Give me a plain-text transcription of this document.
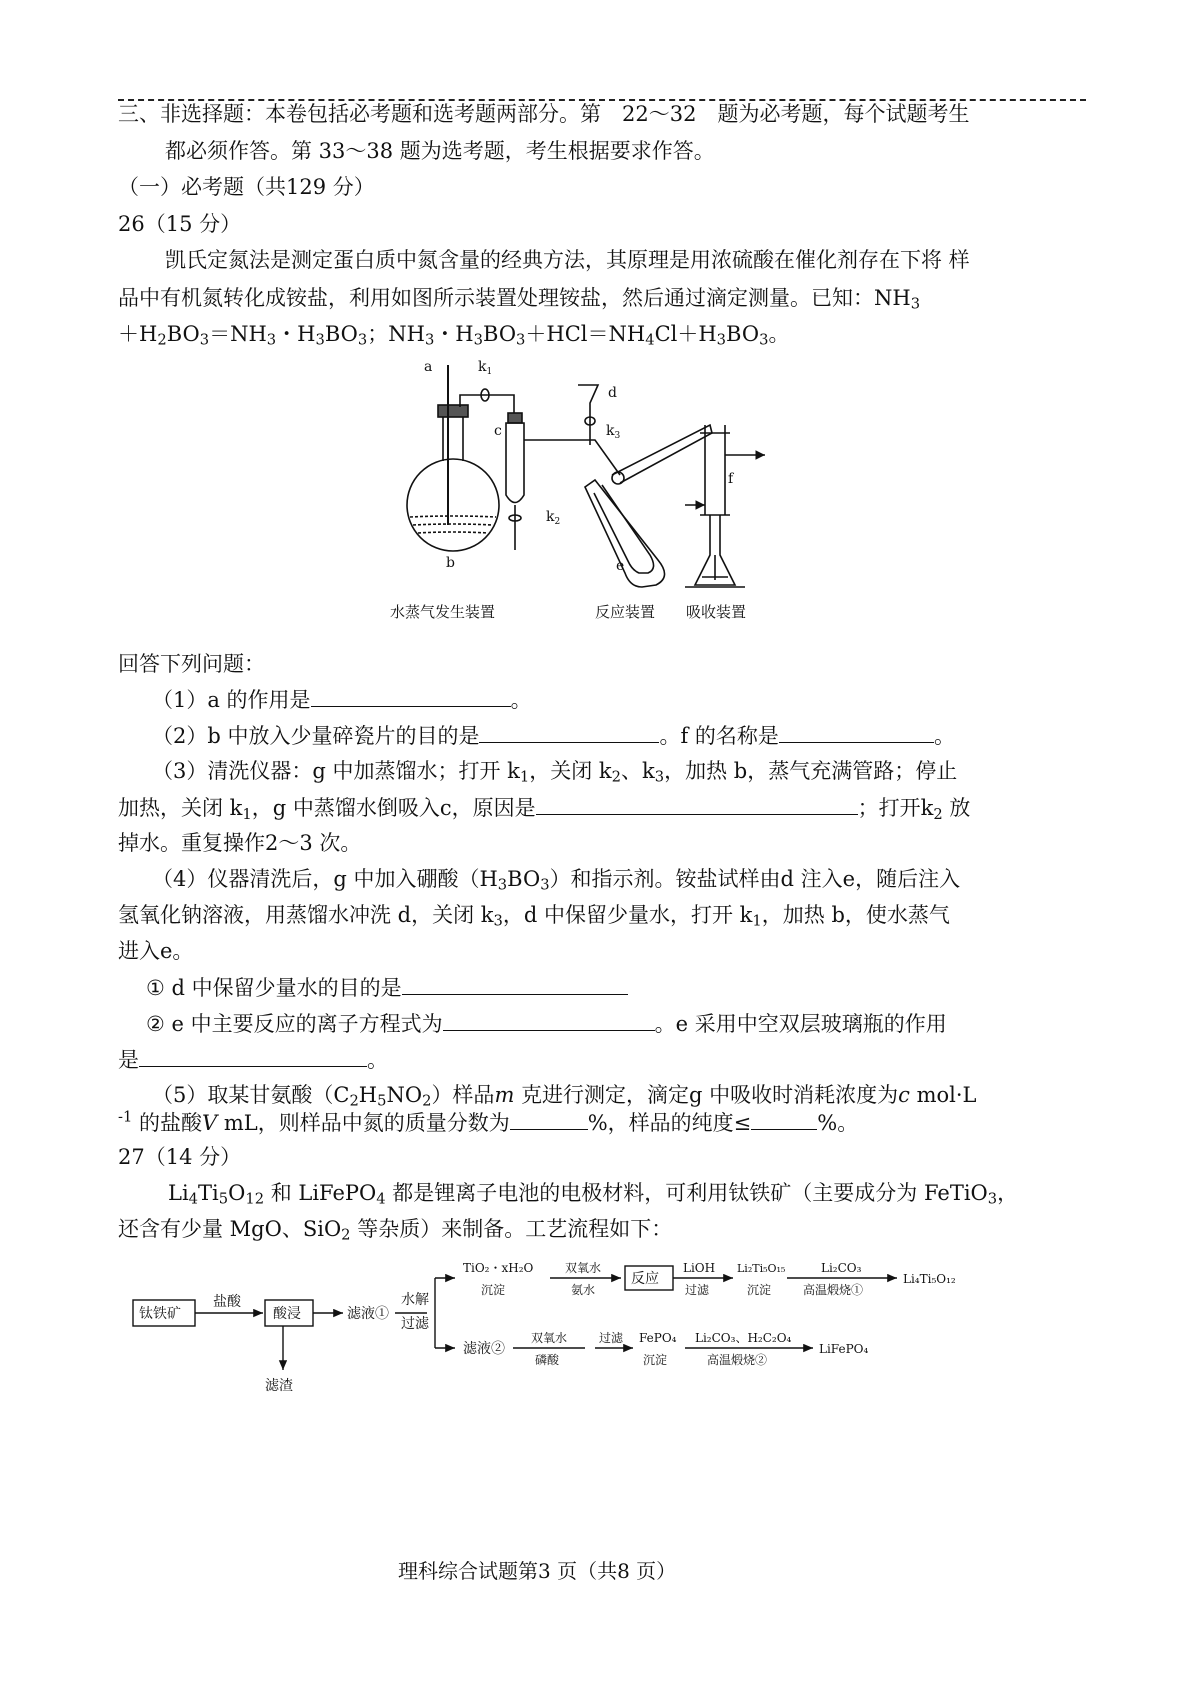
三、非选择题：本卷包括必考题和选考题两部分。第　22～32　题为必考题，每个试题考生
都必须作答。第 33～38 题为选考题，考生根据要求作答。
（一）必考题（共129 分）
26（15 分）
凯氏定氮法是测定蛋白质中氮含量的经典方法，其原理是用浓硫酸在催化剂存在下将 样
品中有机氮转化成铵盐，利用如图所示装置处理铵盐，然后通过滴定测量。已知：$NH_3$
$+H_2BO_3=NH_3$・$H_3BO_3$；$NH_3$・$H_3BO_3+HCl=NH_4Cl+H_3BO_3$。
a	$k_1$
d
$k_3$
c
$k_2$
b	e
f
水蒸气发生装置	反应装置 吸收装置
回答下列问题：
（1）a 的作用是	。
（2）b 中放入少量碎瓷片的目的是	。f 的名称是	。
（3）清洗仪器：g 中加蒸馏水；打开 $k_1$，关闭 $k_2$、$k_3$，加热 b，蒸气充满管路；停止
加热，关闭 $k_1$，g 中蒸馏水倒吸入c，原因是	；打开$k_2$ 放
掉水。重复操作2～3 次。
（4）仪器清洗后，g 中加入硼酸$(H_3BO_3)$和指示剂。铵盐试样由d 注入e，随后注入
氢氧化钠溶液，用蒸馏水冲洗 d，关闭 $k_3$，d 中保留少量水，打开 $k_1$，加热 b，使水蒸气
进入e。
① d 中保留少量水的目的是
② e 中主要反应的离子方程式为	。e 采用中空双层玻璃瓶的作用
是	。
（5）取某甘氨酸$(C_2H_5NO_2)$样品m 克进行测定，滴定g 中吸收时消耗浓度为c mol·L
$^{-1}$ 的盐酸V mL，则样品中氮的质量分数为	%，样品的纯度≤	%。
27（14 分）
$Li_4Ti_5O_{12}$ 和 LiFePO$_4$ 都是锂离子电池的电极材料，可利用钛铁矿（主要成分为 FeTiO$_3$，
还含有少量 MgO、SiO$_2$ 等杂质）来制备。工艺流程如下：
钛铁矿
盐酸
酸浸
滤渣
滤液①
水解
过滤
TiO₂・xH₂O
沉淀
双氧水
氨水
反应
LiOH
过滤
Li₂Ti₅O₁₅
沉淀
Li₂CO₃
高温煅烧①
Li₄Ti₅O₁₂
滤液②
双氧水
磷酸
过滤 FePO₄
沉淀
Li₂CO₃、H₂C₂O₄
高温煅烧②
LiFePO₄
理科综合试题第3 页（共8 页）
